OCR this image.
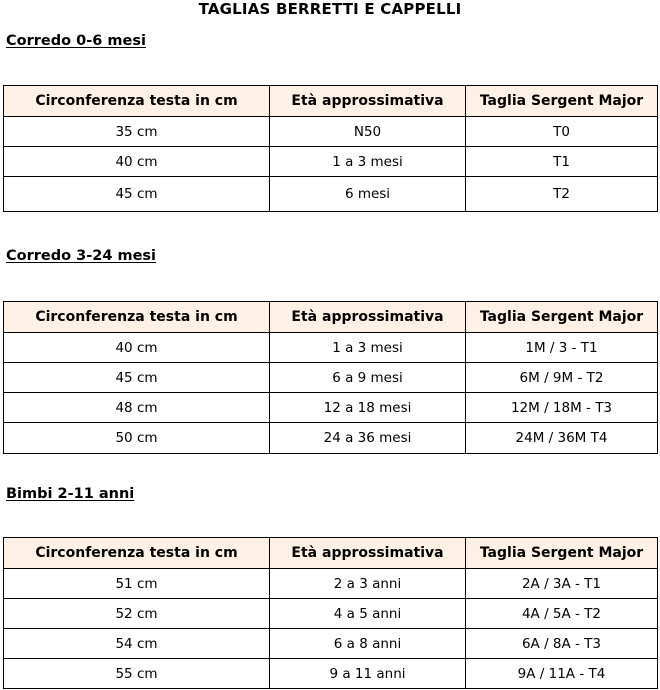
TAGLIAS BERRETTI E CAPPELLI
Corredo 0-6 mesi
Circonferenza testa in cm	Età approssimativa	Taglia Sergent Major
35 cm	N50	T0
40 cm	1 a 3 mesi	T1
45 cm	6 mesi	T2
Corredo 3-24 mesi
Circonferenza testa in cm	Età approssimativa	Taglia Sergent Major
40 cm	1 a 3 mesi	1M / 3 - T1
45 cm	6 a 9 mesi	6M / 9M - T2
48 cm	12 a 18 mesi	12M / 18M - T3
50 cm	24 a 36 mesi	24M / 36M T4
Bimbi 2-11 anni
Circonferenza testa in cm	Età approssimativa	Taglia Sergent Major
51 cm	2 a 3 anni	2A / 3A - T1
52 cm	4 a 5 anni	4A / 5A - T2
54 cm	6 a 8 anni	6A / 8A - T3
55 cm	9 a 11 anni	9A / 11A - T4
